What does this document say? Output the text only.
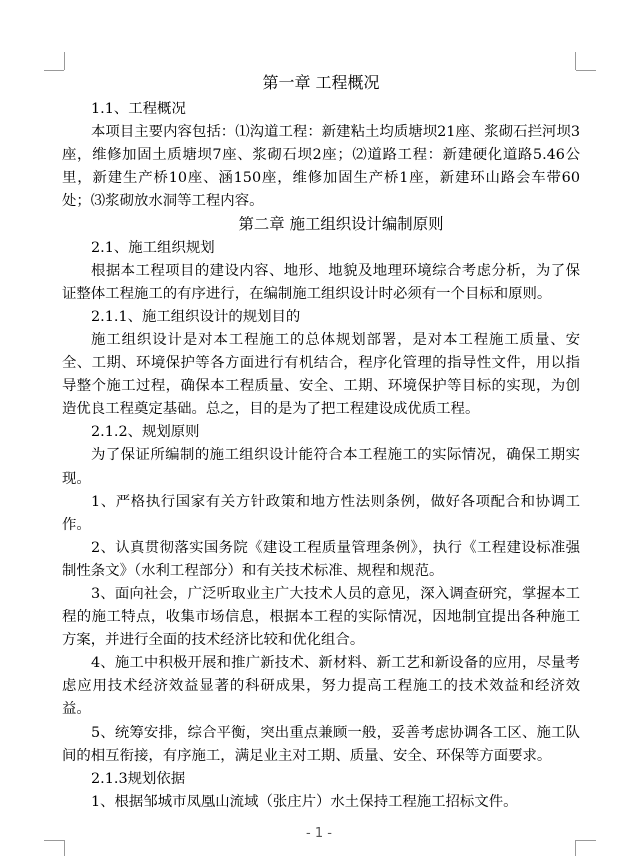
第一章 工程概况
1.1、工程概况
本项目主要内容包括：⑴沟道工程：新建粘土均质塘坝21座、浆砌石拦河坝3座，维修加固土质塘坝7座、浆砌石坝2座；⑵道路工程：新建硬化道路5.46公里，新建生产桥10座、涵150座，维修加固生产桥1座，新建环山路会车带60处；⑶浆砌放水洞等工程内容。
第二章 施工组织设计编制原则
2.1、施工组织规划
根据本工程项目的建设内容、地形、地貌及地理环境综合考虑分析，为了保证整体工程施工的有序进行，在编制施工组织设计时必须有一个目标和原则。
2.1.1、施工组织设计的规划目的
施工组织设计是对本工程施工的总体规划部署，是对本工程施工质量、安全、工期、环境保护等各方面进行有机结合，程序化管理的指导性文件，用以指导整个施工过程，确保本工程质量、安全、工期、环境保护等目标的实现，为创造优良工程奠定基础。总之，目的是为了把工程建设成优质工程。
2.1.2、规划原则
为了保证所编制的施工组织设计能符合本工程施工的实际情况，确保工期实现。
1、严格执行国家有关方针政策和地方性法则条例，做好各项配合和协调工作。
2、认真贯彻落实国务院《建设工程质量管理条例》，执行《工程建设标准强制性条文》（水利工程部分）和有关技术标准、规程和规范。
3、面向社会，广泛听取业主广大技术人员的意见，深入调查研究，掌握本工程的施工特点，收集市场信息，根据本工程的实际情况，因地制宜提出各种施工方案，并进行全面的技术经济比较和优化组合。
4、施工中积极开展和推广新技术、新材料、新工艺和新设备的应用，尽量考虑应用技术经济效益显著的科研成果，努力提高工程施工的技术效益和经济效益。
5、统筹安排，综合平衡，突出重点兼顾一般，妥善考虑协调各工区、施工队间的相互衔接，有序施工，满足业主对工期、质量、安全、环保等方面要求。
2.1.3规划依据
1、根据邹城市凤凰山流域（张庄片）水土保持工程施工招标文件。
- 1 -
